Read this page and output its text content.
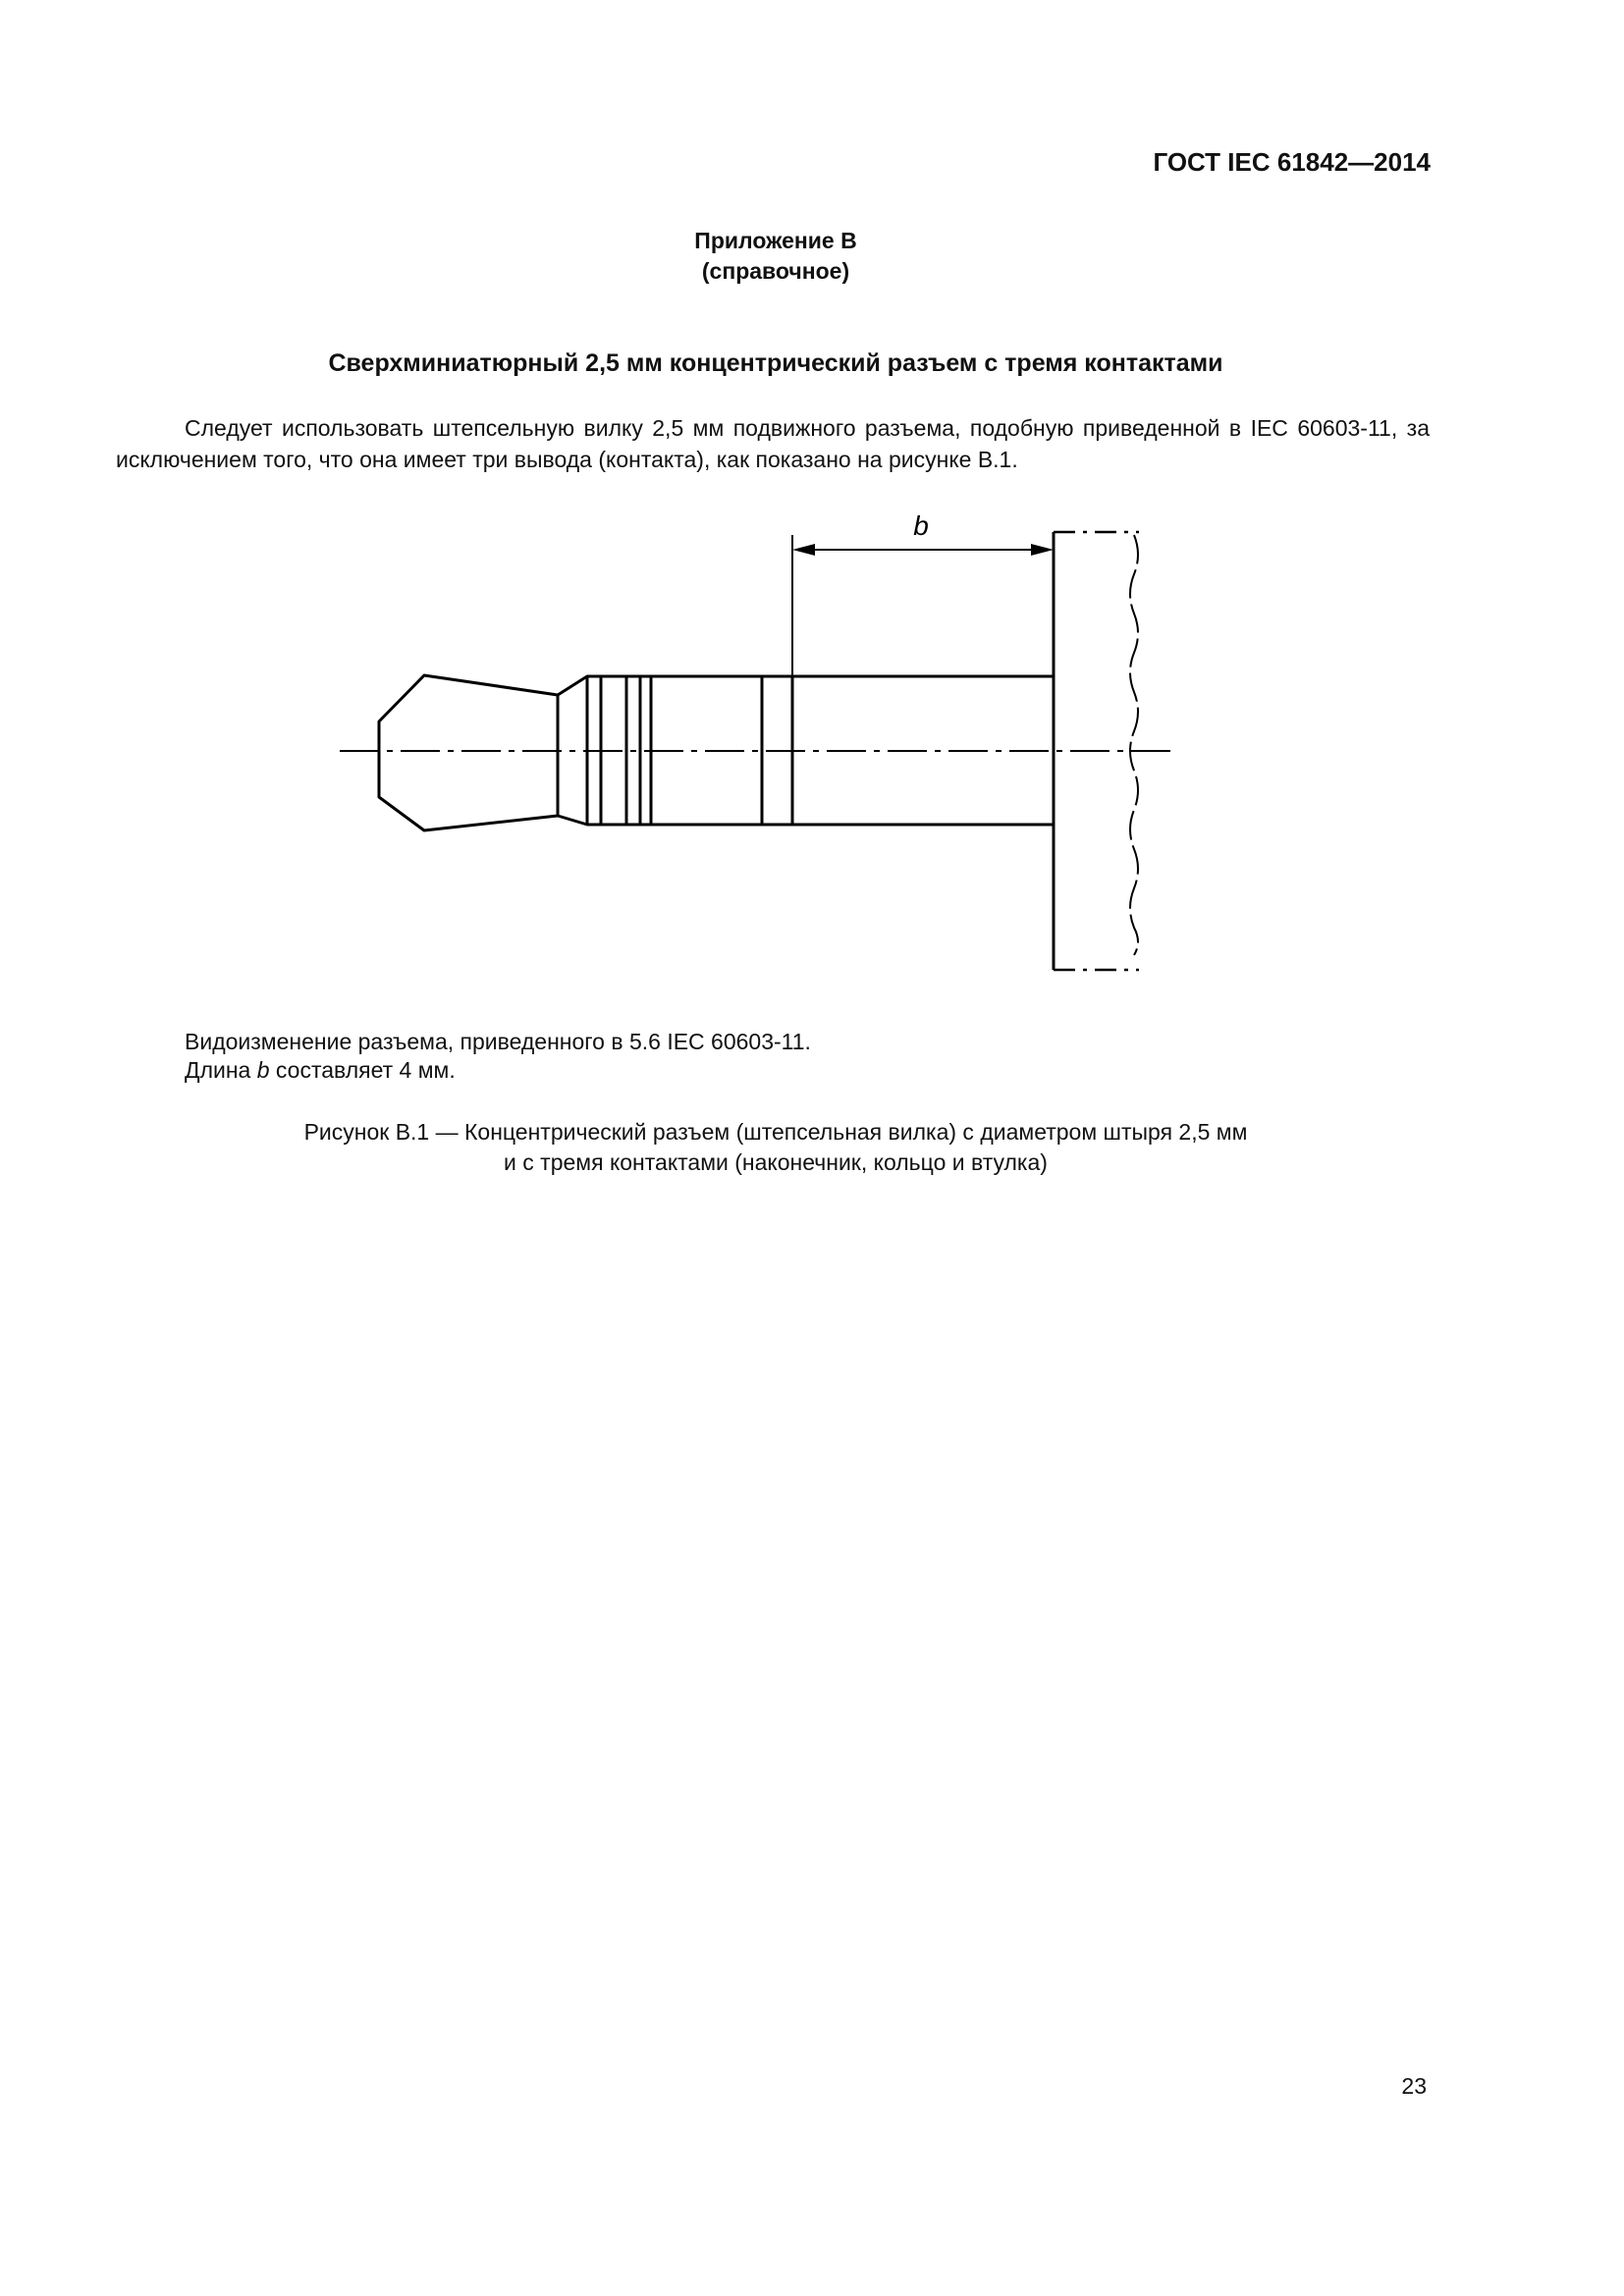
ГОСТ IEC 61842—2014
Приложение В
(справочное)
Сверхминиатюрный 2,5 мм концентрический разъем с тремя контактами

Следует использовать штепсельную вилку 2,5 мм подвижного разъема, подобную приведенной в IEC 60603-11, за исключением того, что она имеет три вывода (контакта), как показано на рисунке В.1.

b
Видоизменение разъема, приведенного в 5.6 IEC 60603-11.
Длина b составляет 4 мм.
Рисунок В.1 — Концентрический разъем (штепсельная вилка) с диаметром штыря 2,5 мм
и с тремя контактами (наконечник, кольцо и втулка)
23
